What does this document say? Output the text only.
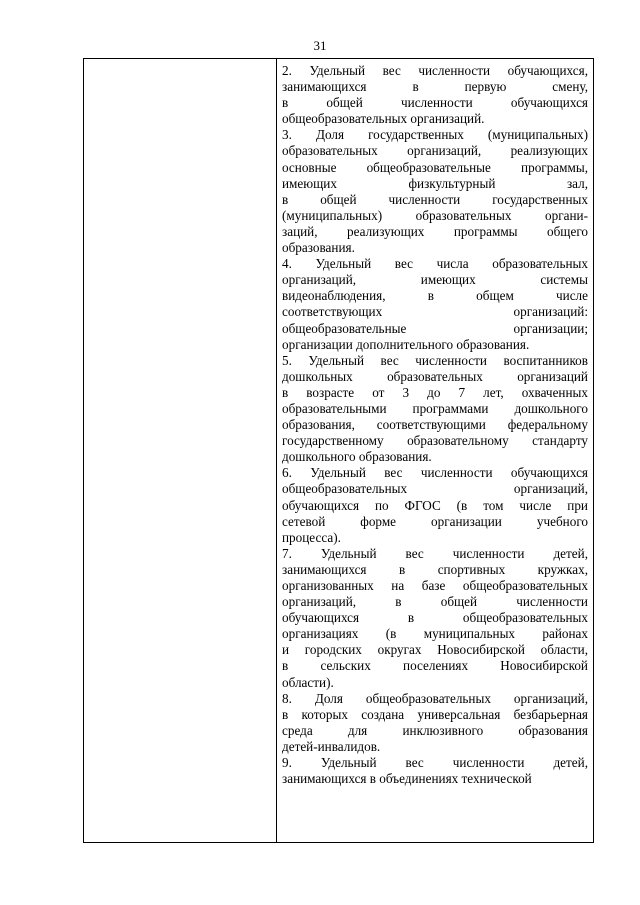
31
2. Удельный вес численности обучающихся,
занимающихся в первую смену,
в общей численности обучающихся
общеобразовательных организаций.
3. Доля государственных (муниципальных)
образовательных организаций, реализующих
основные общеобразовательные программы,
имеющих физкультурный зал,
в общей численности государственных
(муниципальных) образовательных органи-
заций, реализующих программы общего
образования.
4. Удельный вес числа образовательных
организаций, имеющих системы
видеонаблюдения, в общем числе
соответствующих организаций:
общеобразовательные организации;
организации дополнительного образования.
5. Удельный вес численности воспитанников
дошкольных образовательных организаций
в возрасте от 3 до 7 лет, охваченных
образовательными программами дошкольного
образования, соответствующими федеральному
государственному образовательному стандарту
дошкольного образования.
6. Удельный вес численности обучающихся
общеобразовательных организаций,
обучающихся по ФГОС (в том числе при
сетевой форме организации учебного
процесса).
7. Удельный вес численности детей,
занимающихся в спортивных кружках,
организованных на базе общеобразовательных
организаций, в общей численности
обучающихся в общеобразовательных
организациях (в муниципальных районах
и городских округах Новосибирской области,
в сельских поселениях Новосибирской
области).
8. Доля общеобразовательных организаций,
в которых создана универсальная безбарьерная
среда для инклюзивного образования
детей-инвалидов.
9. Удельный вес численности детей,
занимающихся в объединениях технической
